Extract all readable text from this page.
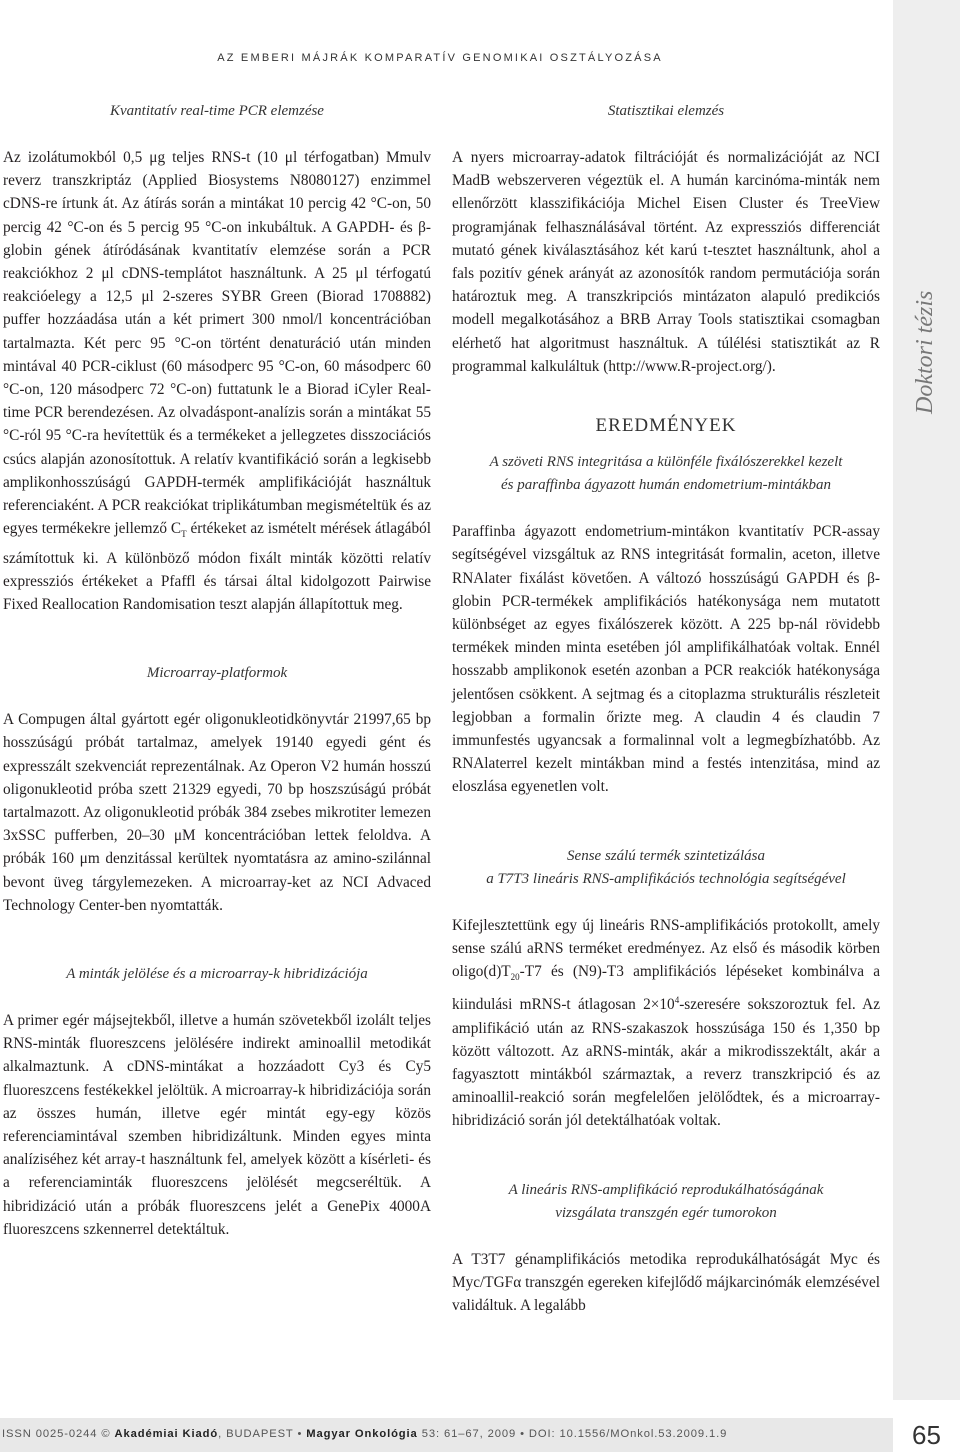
AZ EMBERI MÁJRÁK KOMPARATÍV GENOMIKAI OSZTÁLYOZÁSA

Kvantitatív real-time PCR elemzése

Az izolátumokból 0,5 μg teljes RNS-t (10 μl térfogatban) Mmulv reverz transzkriptáz (Applied Biosystems N8080127) enzimmel cDNS-re írtunk át. Az átírás során a mintákat 10 percig 42 °C-on, 50 percig 42 °C-on és 5 percig 95 °C-on inkubáltuk. A GAPDH- és β-globin gének átíródásának kvantitatív elemzése során a PCR reakciókhoz 2 μl cDNS-templátot használtunk. A 25 μl térfogatú reakcióelegy a 12,5 μl 2-szeres SYBR Green (Biorad 1708882) puffer hozzáadása után a két primert 300 nmol/l koncentrációban tartalmazta. Két perc 95 °C-on történt denaturáció után minden mintával 40 PCR-ciklust (60 másodperc 95 °C-on, 60 másodperc 60 °C-on, 120 másodperc 72 °C-on) futtatunk le a Biorad iCyler Real-time PCR berendezésen. Az olvadáspont-analízis során a mintákat 55 °C-ról 95 °C-ra hevítettük és a termékeket a jellegzetes disszociációs csúcs alapján azonosítottuk. A relatív kvantifikáció során a legkisebb amplikonhosszúságú GAPDH-termék amplifikációját használtuk referenciaként. A PCR reakciókat triplikátumban megismételtük és az egyes termékekre jellemző $C_T$ értékeket az ismételt mérések átlagából számítottuk ki. A különböző módon fixált minták közötti relatív expressziós értékeket a Pfaffl és társai által kidolgozott Pairwise Fixed Reallocation Randomisation teszt alapján állapítottuk meg.

Microarray-platformok

A Compugen által gyártott egér oligonukleotidkönyvtár 21997,65 bp hosszúságú próbát tartalmaz, amelyek 19140 egyedi gént és expresszált szekvenciát reprezentálnak. Az Operon V2 humán hosszú oligonukleotid próba szett 21329 egyedi, 70 bp hoszszúságú próbát tartalmazott. Az oligonukleotid próbák 384 zsebes mikrotiter lemezen 3xSSC pufferben, 20–30 μM koncentrációban lettek feloldva. A próbák 160 μm denzitással kerültek nyomtatásra az amino-szilánnal bevont üveg tárgylemezeken. A microarray-ket az NCI Advaced Technology Center-ben nyomtatták.

A minták jelölése és a microarray-k hibridizációja

A primer egér májsejtekből, illetve a humán szövetekből izolált teljes RNS-minták fluoreszcens jelölésére indirekt aminoallil metodikát alkalmaztunk. A cDNS-mintákat a hozzáadott Cy3 és Cy5 fluoreszcens festékekkel jelöltük. A microarray-k hibridizációja során az összes humán, illetve egér mintát egy-egy közös referenciamintával szemben hibridizáltunk. Minden egyes minta analíziséhez két array-t használtunk fel, amelyek között a kísérleti- és a referenciaminták fluoreszcens jelölését megcseréltük. A hibridizáció után a próbák fluoreszcens jelét a GenePix 4000A fluoreszcens szkennerrel detektáltuk.

Statisztikai elemzés

A nyers microarray-adatok filtrációját és normalizációját az NCI MadB webszerveren végeztük el. A humán karcinóma-minták nem ellenőrzött klasszifikációja Michel Eisen Cluster és TreeView programjának felhasználásával történt. Az expressziós differenciát mutató gének kiválasztásához két karú t-tesztet használtunk, ahol a fals pozitív gének arányát az azonosítók random permutációja során határoztuk meg. A transzkripciós mintázaton alapuló predikciós modell megalkotásához a BRB Array Tools statisztikai csomagban elérhető hat algoritmust használtuk. A túlélési statisztikát az R programmal kalkuláltuk (http://www.R-project.org/).

EREDMÉNYEK

A szöveti RNS integritása a különféle fixálószerekkel kezelt

és paraffinba ágyazott humán endometrium-mintákban

Paraffinba ágyazott endometrium-mintákon kvantitatív PCR-assay segítségével vizsgáltuk az RNS integritását formalin, aceton, illetve RNAlater fixálást követően. A változó hosszúságú GAPDH és β-globin PCR-termékek amplifikációs hatékonysága nem mutatott különbséget az egyes fixálószerek között. A 225 bp-nál rövidebb termékek minden minta esetében jól amplifikálhatóak voltak. Ennél hosszabb amplikonok esetén azonban a PCR reakciók hatékonysága jelentősen csökkent. A sejtmag és a citoplazma strukturális részleteit legjobban a formalin őrizte meg. A claudin 4 és claudin 7 immunfestés ugyancsak a formalinnal volt a legmegbízhatóbb. Az RNAlaterrel kezelt mintákban mind a festés intenzitása, mind az eloszlása egyenetlen volt.

Sense szálú termék szintetizálása

a T7T3 lineáris RNS-amplifikációs technológia segítségével

Kifejlesztettünk egy új lineáris RNS-amplifikációs protokollt, amely sense szálú aRNS terméket eredményez. Az első és második körben $oligo(d)T_{20}-T7$ és (N9)-T3 amplifikációs lépéseket kombinálva a kiindulási mRNS-t átlagosan $2\times 10^4$-szeresére sokszoroztuk fel. Az amplifikáció után az RNS-szakaszok hosszúsága 150 és 1,350 bp között változott. Az aRNS-minták, akár a mikrodisszektált, akár a fagyasztott mintákból származtak, a reverz transzkripció és az aminoallil-reakció során megfelelően jelölődtek, és a microarray-hibridizáció során jól detektálhatóak voltak.

A lineáris RNS-amplifikáció reprodukálhatóságának

vizsgálata transzgén egér tumorokon

A T3T7 génamplifikációs metodika reprodukálhatóságát Myc és Myc/TGFα transzgén egereken kifejlődő májkarcinómák elemzésével validáltuk. A legalább

Doktori tézis
ISSN 0025-0244 © Akadémiai Kiadó, BUDAPEST • Magyar Onkológia 53: 61–67, 2009 • DOI: 10.1556/MOnkol.53.2009.1.9	65
